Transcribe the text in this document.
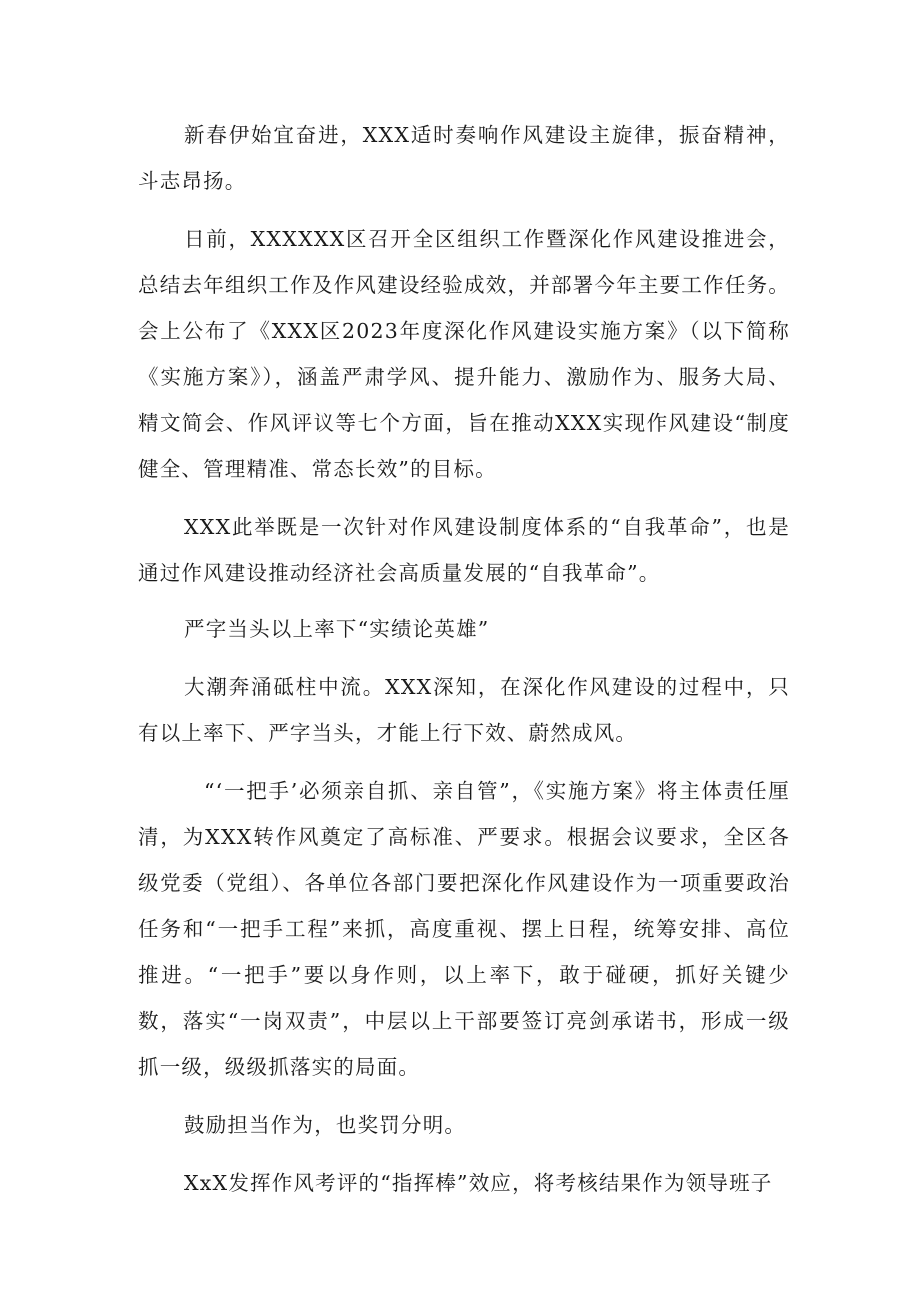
新春伊始宜奋进，XXX适时奏响作风建设主旋律，振奋精神，斗志昂扬。

日前，XXXXXX区召开全区组织工作暨深化作风建设推进会，总结去年组织工作及作风建设经验成效，并部署今年主要工作任务。会上公布了《XXX区2023年度深化作风建设实施方案》（以下简称《实施方案》），涵盖严肃学风、提升能力、激励作为、服务大局、精文简会、作风评议等七个方面，旨在推动XXX实现作风建设“制度健全、管理精准、常态长效”的目标。

XXX此举既是一次针对作风建设制度体系的“自我革命”，也是通过作风建设推动经济社会高质量发展的“自我革命”。

严字当头以上率下“实绩论英雄”

大潮奔涌砥柱中流。XXX深知，在深化作风建设的过程中，只有以上率下、严字当头，才能上行下效、蔚然成风。

“‘一把手’必须亲自抓、亲自管”，《实施方案》将主体责任厘清，为XXX转作风奠定了高标准、严要求。根据会议要求，全区各级党委（党组）、各单位各部门要把深化作风建设作为一项重要政治任务和“一把手工程”来抓，高度重视、摆上日程，统筹安排、高位推进。“一把手”要以身作则，以上率下，敢于碰硬，抓好关键少数，落实“一岗双责”，中层以上干部要签订亮剑承诺书，形成一级抓一级，级级抓落实的局面。

鼓励担当作为，也奖罚分明。

XxX发挥作风考评的“指挥棒”效应，将考核结果作为领导班子
